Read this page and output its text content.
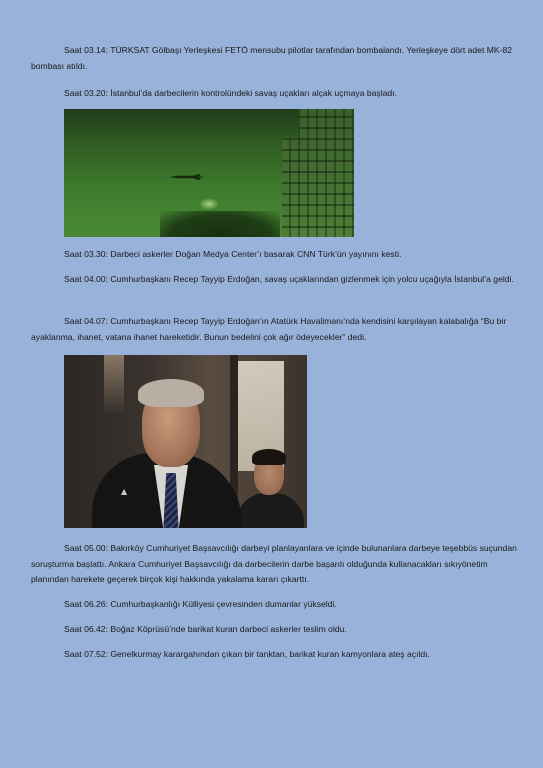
Saat 03.14: TÜRKSAT Gölbaşı Yerleşkesi FETÖ mensubu pilotlar tarafından bombalandı. Yerleşkeye dört adet MK-82 bombası atıldı.

Saat 03.20: İstanbul’da darbecilerin kontrolündeki savaş uçakları alçak uçmaya başladı.

Saat 03.30: Darbeci askerler Doğan Medya Center’ı basarak CNN Türk’ün yayınını kesti.

Saat 04.00: Cumhurbaşkanı Recep Tayyip Erdoğan, savaş uçaklarından gizlenmek için yolcu uçağıyla İstanbul’a geldi.

Saat 04.07: Cumhurbaşkanı Recep Tayyip Erdoğan’ın Atatürk Havalimanı’nda kendisini karşılayan kalabalığa “Bu bir ayaklanma, ihanet, vatana ihanet hareketidir. Bunun bedelini çok ağır ödeyecekler” dedi.

▲

Saat 05.00: Bakırköy Cumhuriyet Başsavcılığı darbeyi planlayanlara ve içinde bulunanlara darbeye teşebbüs suçundan soruşturma başlattı. Ankara Cumhuriyet Başsavcılığı da darbecilerin darbe başarılı olduğunda kullanacakları sıkıyönetim planından harekete geçerek birçok kişi hakkında yakalama kararı çıkarttı.

Saat 06.26: Cumhurbaşkanlığı Külliyesi çevresinden dumanlar yükseldi.

Saat 06.42: Boğaz Köprüsü’nde barikat kuran darbeci askerler teslim oldu.

Saat 07.52: Genelkurmay karargahından çıkan bir tanktan, barikat kuran kamyonlara ateş açıldı.
